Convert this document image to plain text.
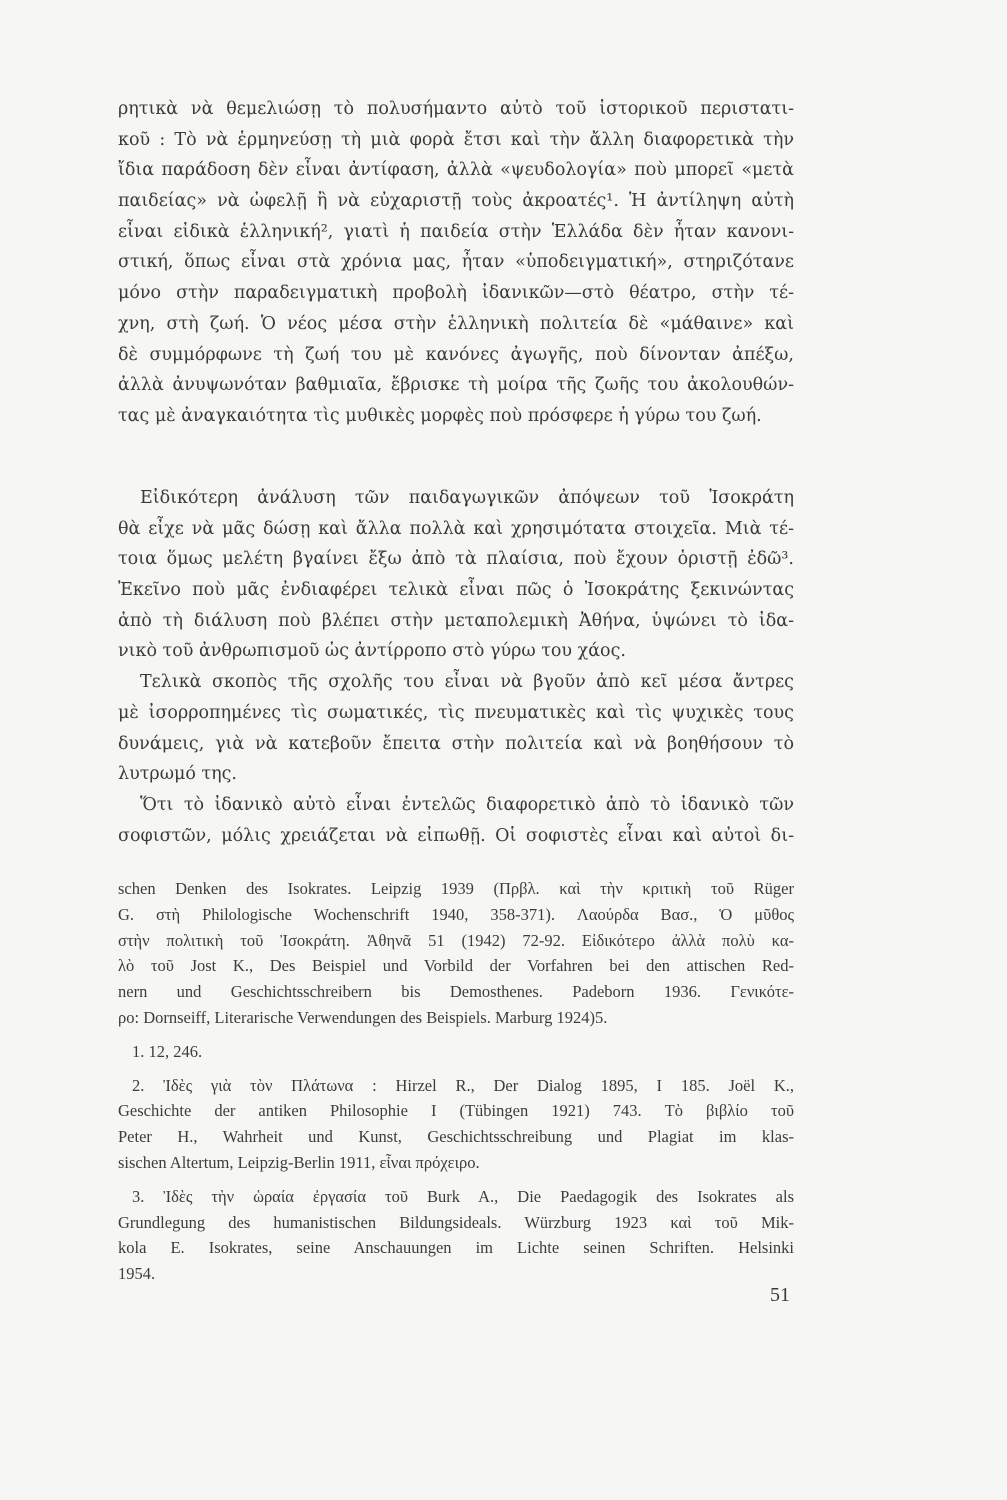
ρητικὰ νὰ θεμελιώσῃ τὸ πολυσήμαντο αὐτὸ τοῦ ἱστορικοῦ περιστατι-
κοῦ : Τὸ νὰ ἑρμηνεύσῃ τὴ μιὰ φορὰ ἔτσι καὶ τὴν ἄλλη διαφορετικὰ τὴν
ἴδια παράδοση δὲν εἶναι ἀντίφαση, ἀλλὰ «ψευδολογία» ποὺ μπορεῖ «μετὰ
παιδείας» νὰ ὠφελῇ ἢ νὰ εὐχαριστῇ τοὺς ἀκροατές¹. Ἡ ἀντίληψη αὐτὴ
εἶναι εἰδικὰ ἑλληνική², γιατὶ ἡ παιδεία στὴν Ἑλλάδα δὲν ἦταν κανονι-
στική, ὅπως εἶναι στὰ χρόνια μας, ἦταν «ὑποδειγματική», στηριζότανε
μόνο στὴν παραδειγματικὴ προβολὴ ἰδανικῶν—στὸ θέατρο, στὴν τέ-
χνη, στὴ ζωή. Ὁ νέος μέσα στὴν ἑλληνικὴ πολιτεία δὲ «μάθαινε» καὶ
δὲ συμμόρφωνε τὴ ζωή του μὲ κανόνες ἀγωγῆς, ποὺ δίνονταν ἀπέξω,
ἀλλὰ ἀνυψωνόταν βαθμιαῖα, ἔβρισκε τὴ μοίρα τῆς ζωῆς του ἀκολουθών-
τας μὲ ἀναγκαιότητα τὶς μυθικὲς μορφὲς ποὺ πρόσφερε ἡ γύρω του ζωή.
Εἰδικότερη ἀνάλυση τῶν παιδαγωγικῶν ἀπόψεων τοῦ Ἰσοκράτη
θὰ εἶχε νὰ μᾶς δώσῃ καὶ ἄλλα πολλὰ καὶ χρησιμότατα στοιχεῖα. Μιὰ τέ-
τοια ὅμως μελέτη βγαίνει ἔξω ἀπὸ τὰ πλαίσια, ποὺ ἔχουν ὁριστῇ ἐδῶ³.
Ἐκεῖνο ποὺ μᾶς ἐνδιαφέρει τελικὰ εἶναι πῶς ὁ Ἰσοκράτης ξεκινώντας
ἀπὸ τὴ διάλυση ποὺ βλέπει στὴν μεταπολεμικὴ Ἀθήνα, ὑψώνει τὸ ἰδα-
νικὸ τοῦ ἀνθρωπισμοῦ ὡς ἀντίρροπο στὸ γύρω του χάος.
Τελικὰ σκοπὸς τῆς σχολῆς του εἶναι νὰ βγοῦν ἀπὸ κεῖ μέσα ἄντρες
μὲ ἰσορροπημένες τὶς σωματικές, τὶς πνευματικὲς καὶ τὶς ψυχικὲς τους
δυνάμεις, γιὰ νὰ κατεβοῦν ἔπειτα στὴν πολιτεία καὶ νὰ βοηθήσουν τὸ
λυτρωμό της.
Ὅτι τὸ ἰδανικὸ αὐτὸ εἶναι ἐντελῶς διαφορετικὸ ἀπὸ τὸ ἰδανικὸ τῶν
σοφιστῶν, μόλις χρειάζεται νὰ εἰπωθῇ. Οἱ σοφιστὲς εἶναι καὶ αὐτοὶ δι-
schen Denken des Isokrates. Leipzig 1939 (Πρβλ. καὶ τὴν κριτικὴ τοῦ Rüger
G. στὴ Philologische Wochenschrift 1940, 358-371). Λαούρδα Βασ., Ὁ μῦθος
στὴν πολιτικὴ τοῦ Ἰσοκράτη. Ἀθηνᾶ 51 (1942) 72-92. Εἰδικότερο ἀλλὰ πολὺ κα-
λὸ τοῦ Jost K., Des Beispiel und Vorbild der Vorfahren bei den attischen Red-
nern und Geschichtsschreibern bis Demosthenes. Padeborn 1936. Γενικότε-
ρο: Dornseiff, Literarische Verwendungen des Beispiels. Marburg 1924)5.
1. 12, 246.
2. Ἰδὲς γιὰ τὸν Πλάτωνα : Hirzel R., Der Dialog 1895, I 185. Joël K.,
Geschichte der antiken Philosophie I (Tübingen 1921) 743. Τὸ βιβλίο τοῦ
Peter H., Wahrheit und Kunst, Geschichtsschreibung und Plagiat im klas-
sischen Altertum, Leipzig-Berlin 1911, εἶναι πρόχειρο.
3. Ἰδὲς τὴν ὡραία ἐργασία τοῦ Burk A., Die Paedagogik des Isokrates als
Grundlegung des humanistischen Bildungsideals. Würzburg 1923 καὶ τοῦ Mik-
kola E. Isokrates, seine Anschauungen im Lichte seinen Schriften. Helsinki
1954.
51
